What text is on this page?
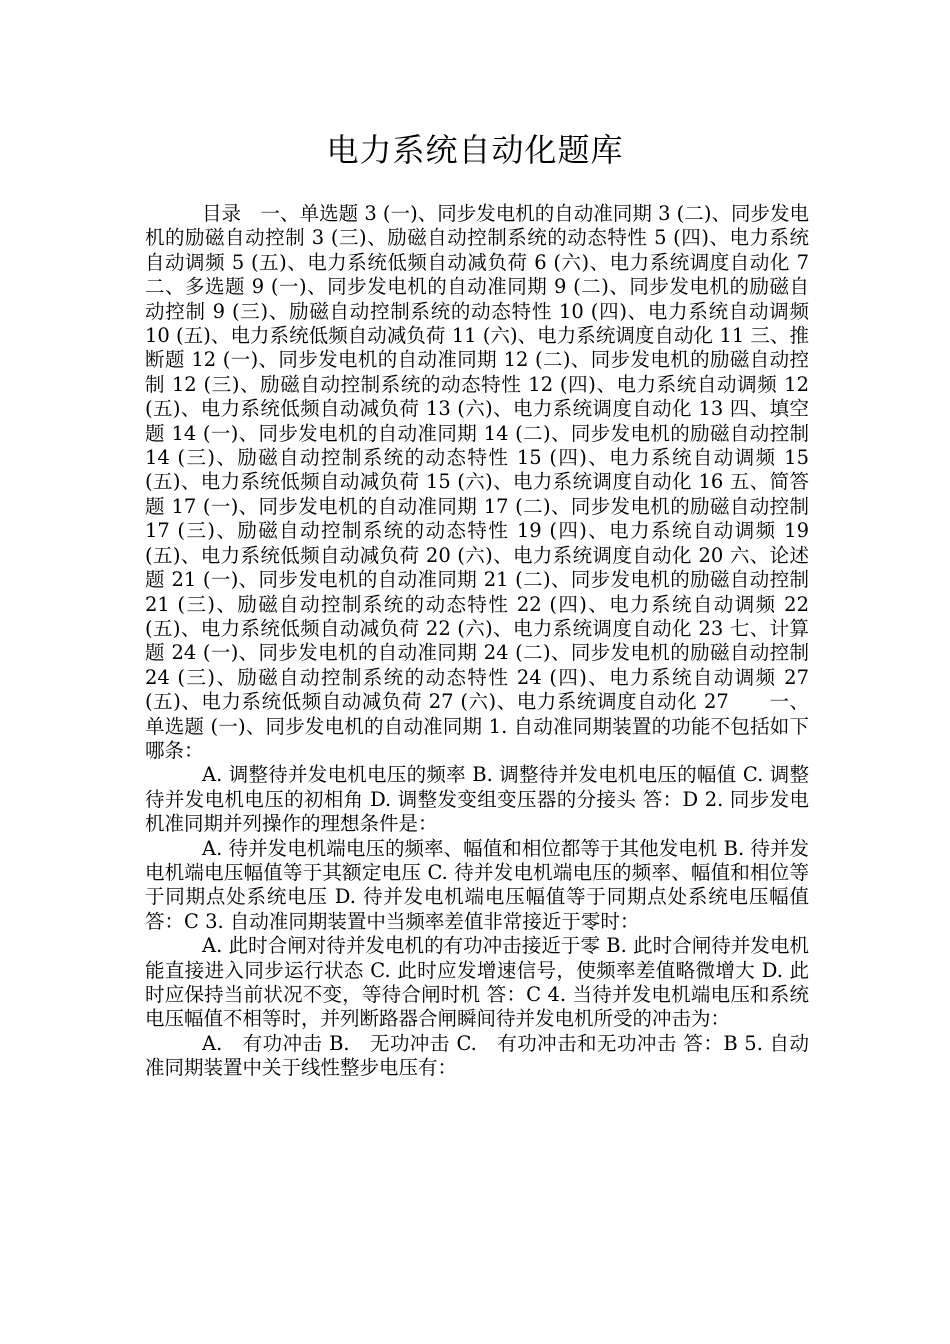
电力系统自动化题库

目录　一、单选题 3 (一)、同步发电机的自动准同期 3 (二)、同步发电机的励磁自动控制 3 (三)、励磁自动控制系统的动态特性 5 (四)、电力系统自动调频 5 (五)、电力系统低频自动减负荷 6 (六)、电力系统调度自动化 7 二、多选题 9 (一)、同步发电机的自动准同期 9 (二)、同步发电机的励磁自动控制 9 (三)、励磁自动控制系统的动态特性 10 (四)、电力系统自动调频 10 (五)、电力系统低频自动减负荷 11 (六)、电力系统调度自动化 11 三、推断题 12 (一)、同步发电机的自动准同期 12 (二)、同步发电机的励磁自动控制 12 (三)、励磁自动控制系统的动态特性 12 (四)、电力系统自动调频 12 (五)、电力系统低频自动减负荷 13 (六)、电力系统调度自动化 13 四、填空题 14 (一)、同步发电机的自动准同期 14 (二)、同步发电机的励磁自动控制 14 (三)、励磁自动控制系统的动态特性 15 (四)、电力系统自动调频 15 (五)、电力系统低频自动减负荷 15 (六)、电力系统调度自动化 16 五、简答题 17 (一)、同步发电机的自动准同期 17 (二)、同步发电机的励磁自动控制 17 (三)、励磁自动控制系统的动态特性 19 (四)、电力系统自动调频 19 (五)、电力系统低频自动减负荷 20 (六)、电力系统调度自动化 20 六、论述题 21 (一)、同步发电机的自动准同期 21 (二)、同步发电机的励磁自动控制 21 (三)、励磁自动控制系统的动态特性 22 (四)、电力系统自动调频 22 (五)、电力系统低频自动减负荷 22 (六)、电力系统调度自动化 23 七、计算题 24 (一)、同步发电机的自动准同期 24 (二)、同步发电机的励磁自动控制 24 (三)、励磁自动控制系统的动态特性 24 (四)、电力系统自动调频 27 (五)、电力系统低频自动减负荷 27 (六)、电力系统调度自动化 27　　一、单选题 (一)、同步发电机的自动准同期 1. 自动准同期装置的功能不包括如下哪条：

A. 调整待并发电机电压的频率 B. 调整待并发电机电压的幅值 C. 调整待并发电机电压的初相角 D. 调整发变组变压器的分接头 答：D 2. 同步发电机准同期并列操作的理想条件是：

A. 待并发电机端电压的频率、幅值和相位都等于其他发电机 B. 待并发电机端电压幅值等于其额定电压 C. 待并发电机端电压的频率、幅值和相位等于同期点处系统电压 D. 待并发电机端电压幅值等于同期点处系统电压幅值 答：C 3. 自动准同期装置中当频率差值非常接近于零时：

A. 此时合闸对待并发电机的有功冲击接近于零 B. 此时合闸待并发电机能直接进入同步运行状态 C. 此时应发增速信号，使频率差值略微增大 D. 此时应保持当前状况不变，等待合闸时机 答：C 4. 当待并发电机端电压和系统电压幅值不相等时，并列断路器合闸瞬间待并发电机所受的冲击为：

A.　有功冲击 B.　无功冲击 C.　有功冲击和无功冲击 答：B 5. 自动准同期装置中关于线性整步电压有：
